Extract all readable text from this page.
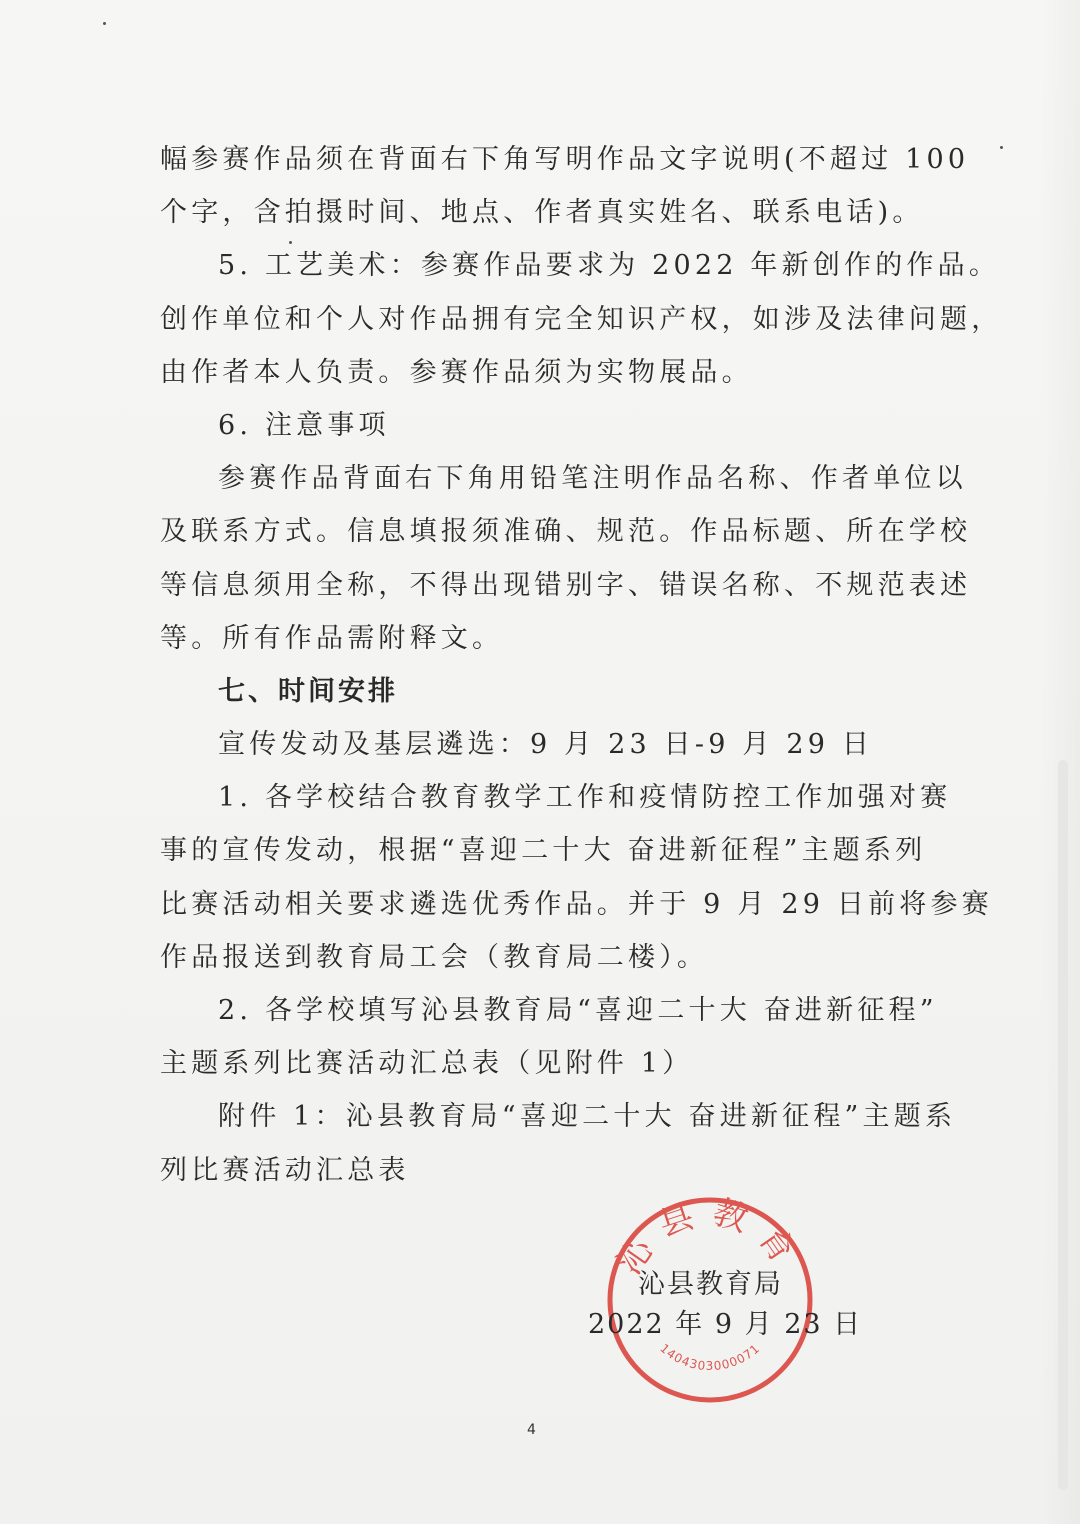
幅参赛作品须在背面右下角写明作品文字说明(不超过 100
个字，含拍摄时间、地点、作者真实姓名、联系电话)。
5. 工艺美术：参赛作品要求为 2022 年新创作的作品。
创作单位和个人对作品拥有完全知识产权，如涉及法律问题，
由作者本人负责。参赛作品须为实物展品。
6. 注意事项
参赛作品背面右下角用铅笔注明作品名称、作者单位以
及联系方式。信息填报须准确、规范。作品标题、所在学校
等信息须用全称，不得出现错别字、错误名称、不规范表述
等。所有作品需附释文。
七、时间安排
宣传发动及基层遴选：9 月 23 日-9 月 29 日
1. 各学校结合教育教学工作和疫情防控工作加强对赛
事的宣传发动，根据“喜迎二十大 奋进新征程”主题系列
比赛活动相关要求遴选优秀作品。并于 9 月 29 日前将参赛
作品报送到教育局工会（教育局二楼）。
2. 各学校填写沁县教育局“喜迎二十大 奋进新征程”
主题系列比赛活动汇总表（见附件 1）
附件 1：沁县教育局“喜迎二十大 奋进新征程”主题系
列比赛活动汇总表
沁县教育
1404303000071
沁县教育局
2022 年 9 月 23 日
4
